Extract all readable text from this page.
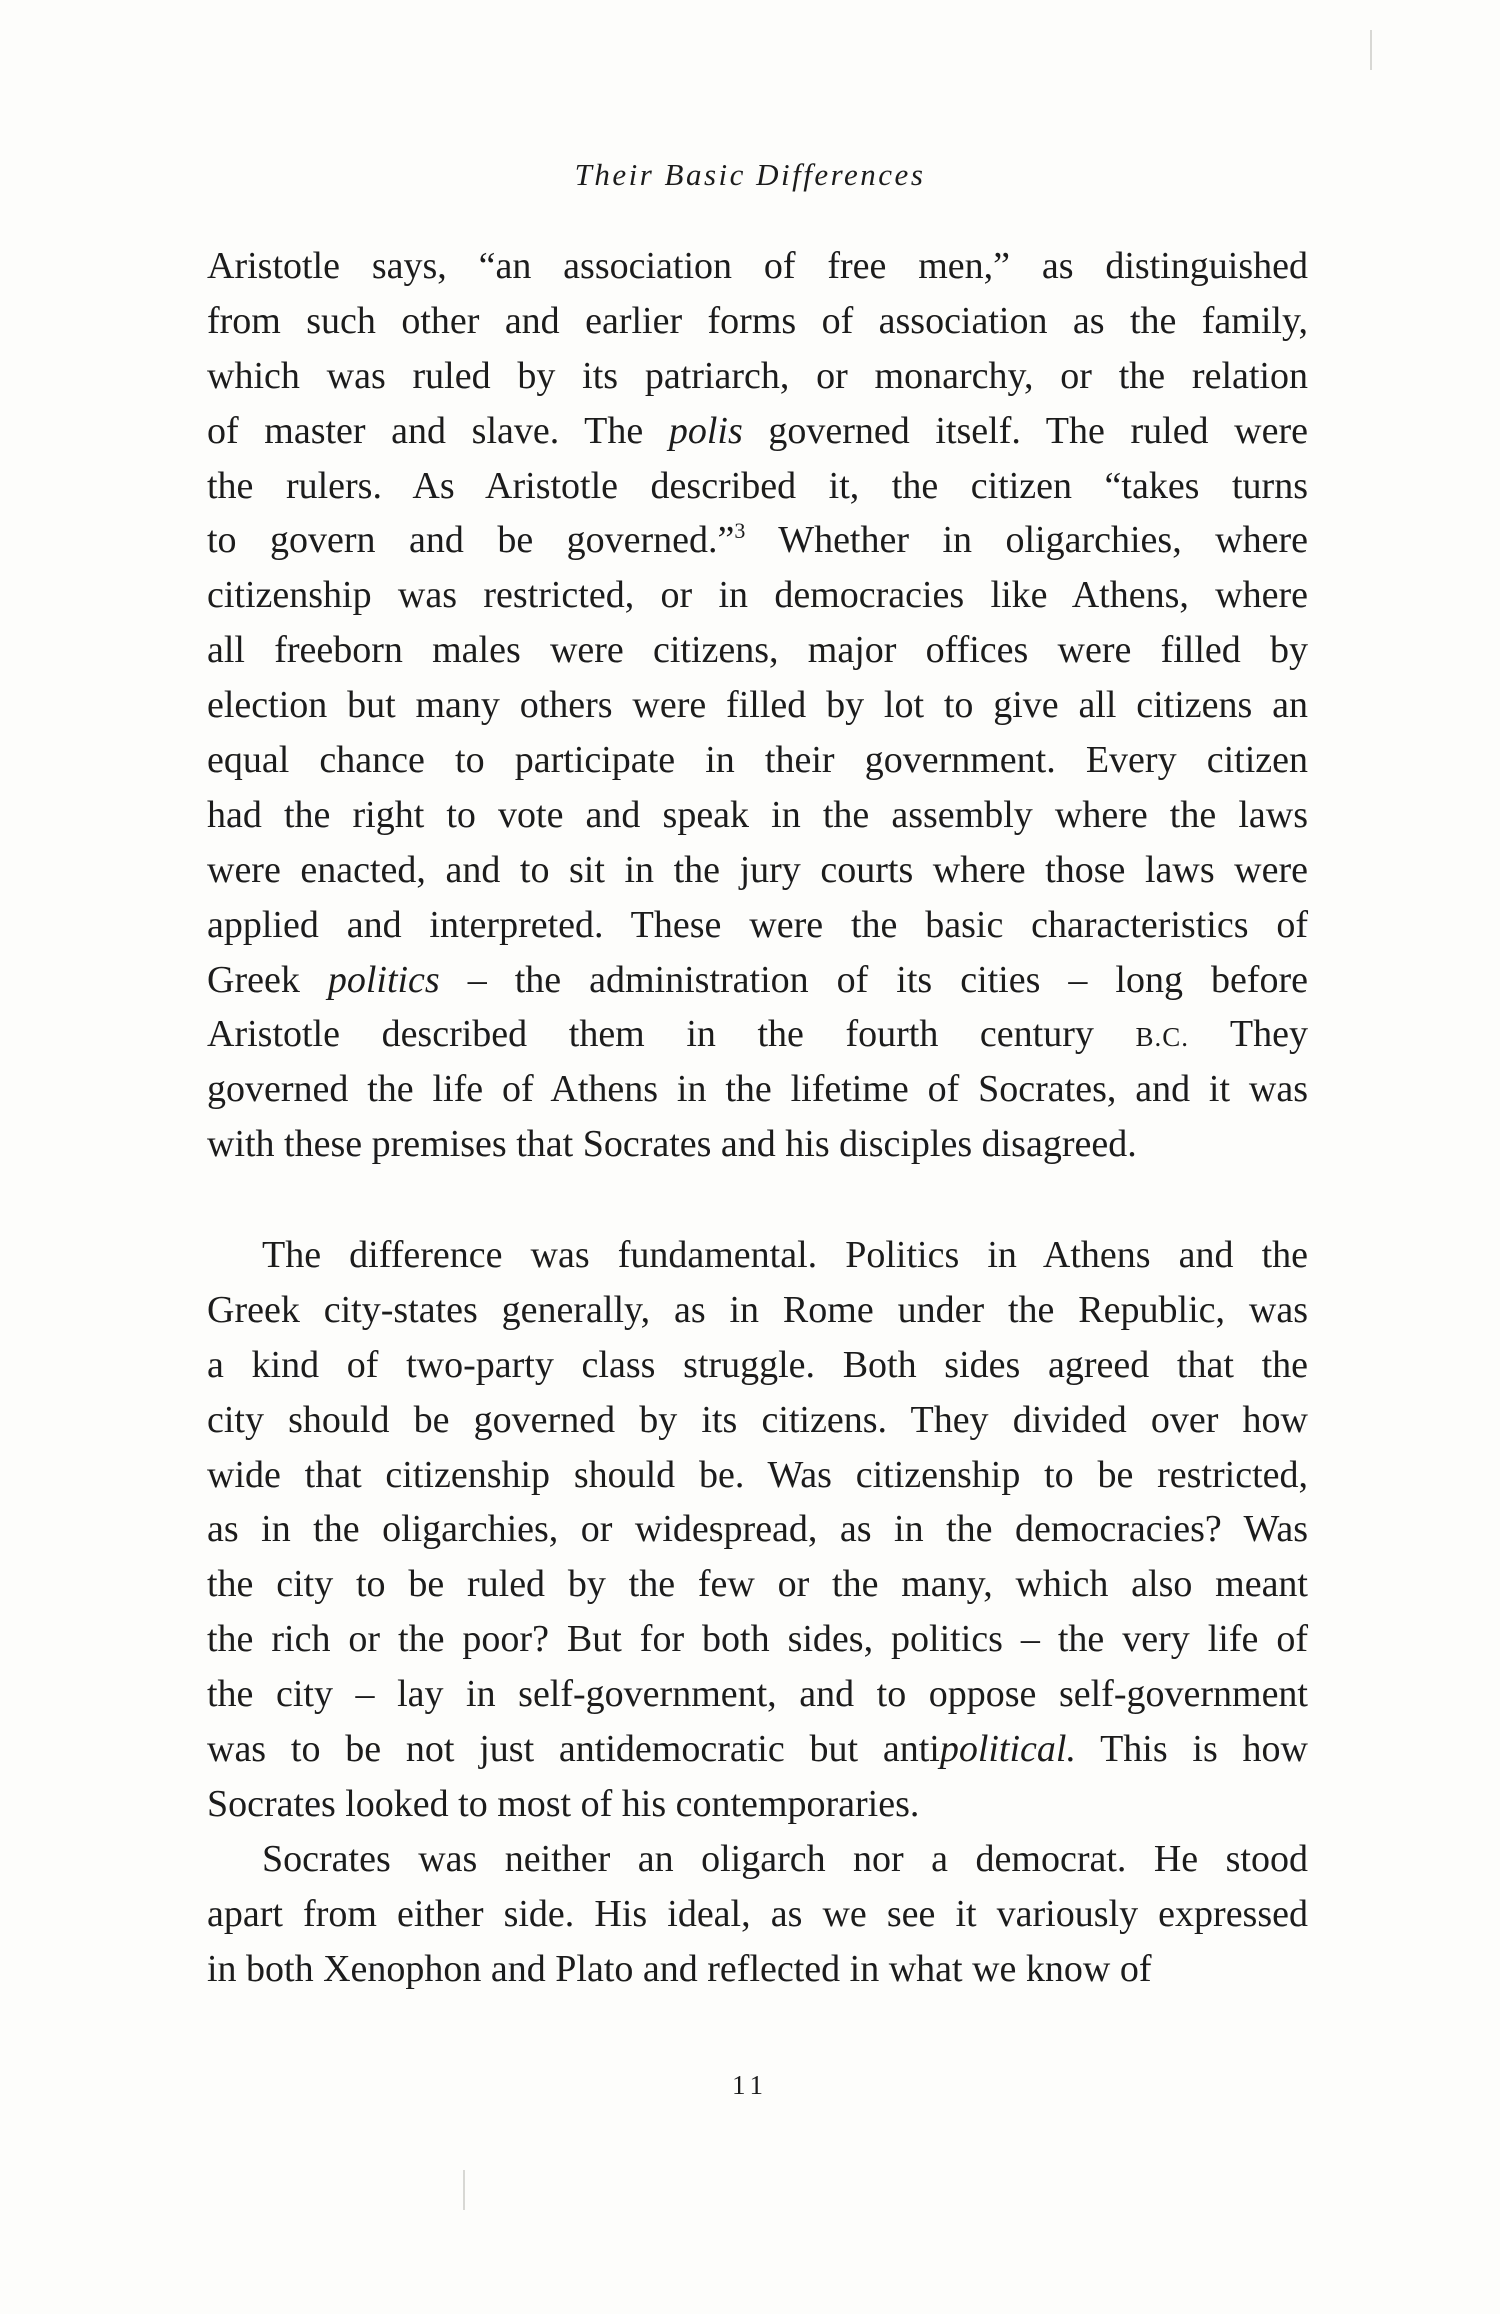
Their Basic Differences
Aristotle says, “an association of free men,” as distinguished
from such other and earlier forms of association as the family,
which was ruled by its patriarch, or monarchy, or the relation
of master and slave. The polis governed itself. The ruled were
the rulers. As Aristotle described it, the citizen “takes turns
to govern and be governed.”$^3$ Whether in oligarchies, where
citizenship was restricted, or in democracies like Athens, where
all freeborn males were citizens, major offices were filled by
election but many others were filled by lot to give all citizens an
equal chance to participate in their government. Every citizen
had the right to vote and speak in the assembly where the laws
were enacted, and to sit in the jury courts where those laws were
applied and interpreted. These were the basic characteristics of
Greek politics – the administration of its cities – long before
Aristotle described them in the fourth century B.C. They
governed the life of Athens in the lifetime of Socrates, and it was
with these premises that Socrates and his disciples disagreed.
The difference was fundamental. Politics in Athens and the
Greek city-states generally, as in Rome under the Republic, was
a kind of two-party class struggle. Both sides agreed that the
city should be governed by its citizens. They divided over how
wide that citizenship should be. Was citizenship to be restricted,
as in the oligarchies, or widespread, as in the democracies? Was
the city to be ruled by the few or the many, which also meant
the rich or the poor? But for both sides, politics – the very life of
the city – lay in self-government, and to oppose self-government
was to be not just antidemocratic but antipolitical. This is how
Socrates looked to most of his contemporaries.
Socrates was neither an oligarch nor a democrat. He stood
apart from either side. His ideal, as we see it variously expressed
in both Xenophon and Plato and reflected in what we know of
11
